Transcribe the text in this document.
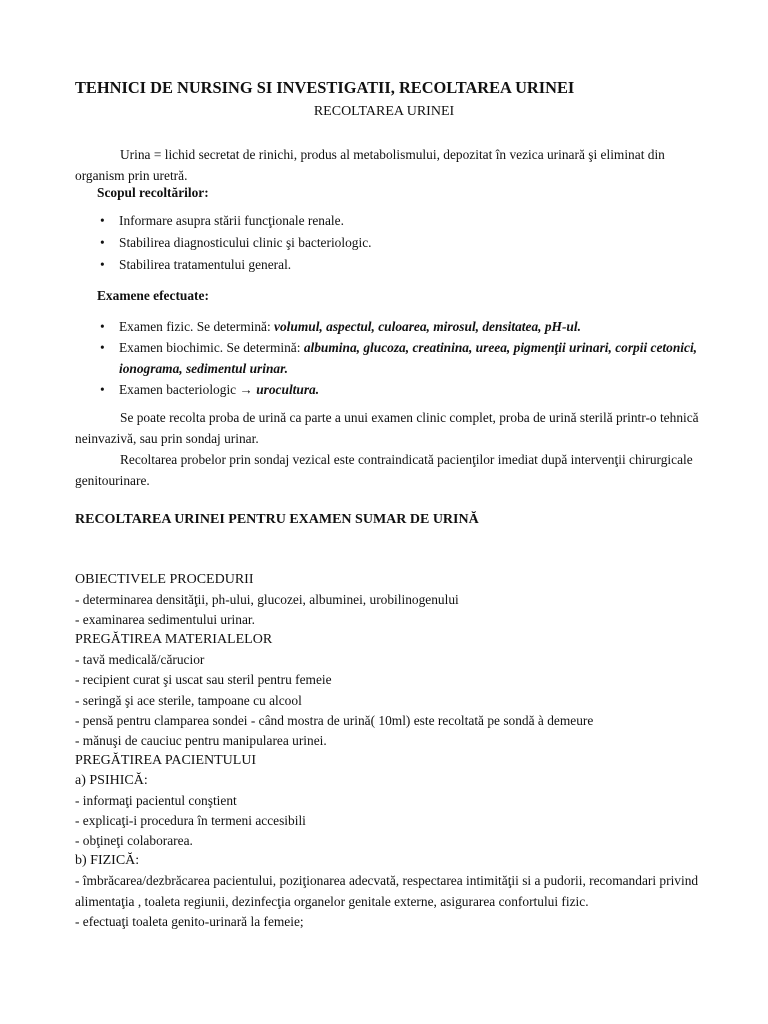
TEHNICI DE NURSING SI INVESTIGATII, RECOLTAREA URINEI
RECOLTAREA URINEI
Urina = lichid secretat de rinichi, produs al metabolismului, depozitat în vezica urinară şi eliminat din organism prin uretră.
Scopul recoltărilor:
• Informare asupra stării funcţionale renale.
• Stabilirea diagnosticului clinic şi bacteriologic.
• Stabilirea tratamentului general.
Examene efectuate:
• Examen fizic. Se determină: volumul, aspectul, culoarea, mirosul, densitatea, pH-ul.
• Examen biochimic. Se determină: albumina, glucoza, creatinina, ureea, pigmenţii urinari, corpii cetonici, ionograma, sedimentul urinar.
• Examen bacteriologic → urocultura.
Se poate recolta proba de urină ca parte a unui examen clinic complet, proba de urină sterilă printr-o tehnică neinvazivă, sau prin sondaj urinar.
Recoltarea probelor prin sondaj vezical este contraindicată pacienţilor imediat după intervenţii chirurgicale genitourinare.
RECOLTAREA URINEI PENTRU EXAMEN SUMAR DE URINĂ
OBIECTIVELE PROCEDURII
- determinarea densităţii, ph-ului, glucozei, albuminei, urobilinogenului
- examinarea sedimentului urinar.
PREGĂTIREA MATERIALELOR
- tavă medicală/cărucior
- recipient curat şi uscat sau steril pentru femeie
- seringă şi ace sterile, tampoane cu alcool
- pensă pentru clamparea sondei - când mostra de urină( 10ml) este recoltată pe sondă à demeure
- mănuşi de cauciuc pentru manipularea urinei.
PREGĂTIREA PACIENTULUI
a) PSIHICĂ:
- informaţi pacientul conştient
- explicaţi-i procedura în termeni accesibili
- obţineţi colaborarea.
b) FIZICĂ:
- îmbrăcarea/dezbrăcarea pacientului, poziţionarea adecvată, respectarea intimităţii si a pudorii, recomandari privind alimentaţia , toaleta regiunii, dezinfecţia organelor genitale externe, asigurarea confortului fizic.
- efectuaţi toaleta genito-urinară la femeie;
